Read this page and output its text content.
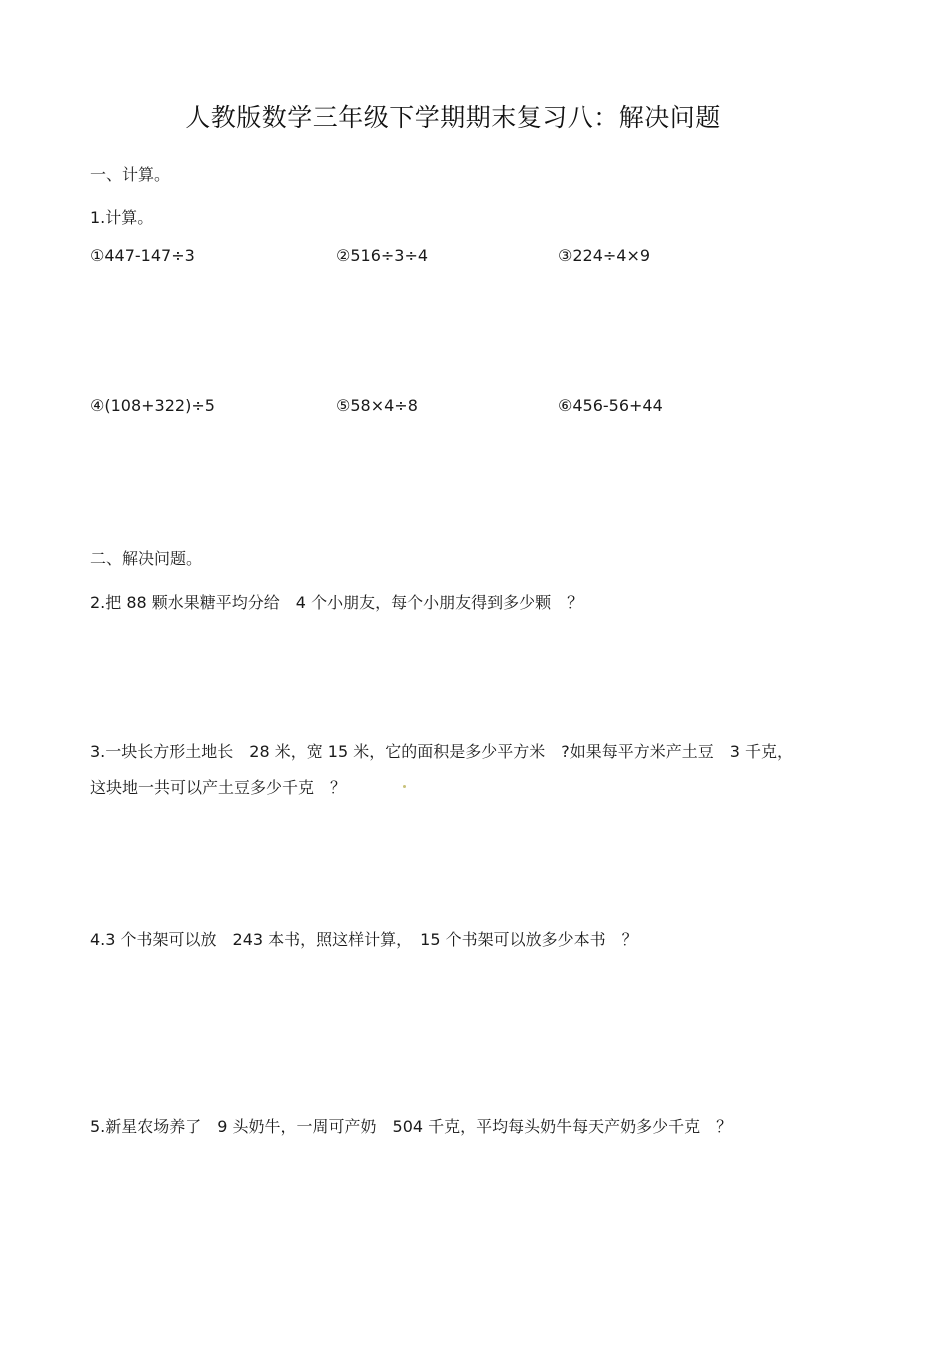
人教版数学三年级下学期期末复习八：解决问题
一、计算。
1.计算。
①447-147÷3	②516÷3÷4	③224÷4×9
④(108+322)÷5	⑤58×4÷8	⑥456-56+44
二、解决问题。
2.把 88 颗水果糖平均分给　4 个小朋友，每个小朋友得到多少颗　？
3.一块长方形土地长　28 米，宽 15 米，它的面积是多少平方米　?如果每平方米产土豆　3 千克，
这块地一共可以产土豆多少千克　？
4.3 个书架可以放　243 本书，照这样计算，　15 个书架可以放多少本书　？
5.新星农场养了　9 头奶牛，一周可产奶　504 千克，平均每头奶牛每天产奶多少千克　？
